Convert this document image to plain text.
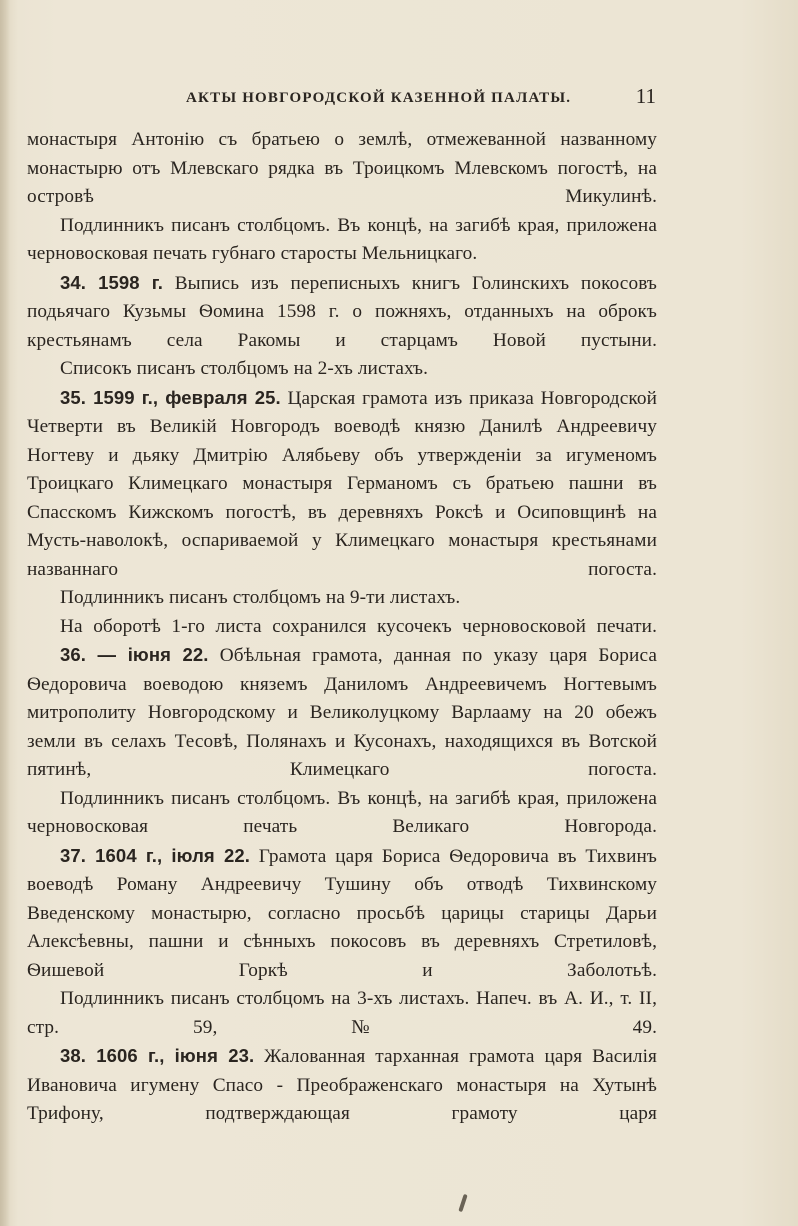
АКТЫ НОВГОРОДСКОЙ КАЗЕННОЙ ПАЛАТЫ.	11

монастыря Антонію съ братьею о землѣ, отмежеванной названному монастырю отъ Млевскаго рядка въ Троицкомъ Млевскомъ погостѣ, на островѣ Микулинѣ.

Подлинникъ писанъ столбцомъ. Въ концѣ, на загибѣ края, приложена черновосковая печать губнаго старосты Мельницкаго.

34. 1598 г. Выпись изъ переписныхъ книгъ Голинскихъ покосовъ подьячаго Кузьмы Ѳомина 1598 г. о пожняхъ, отданныхъ на оброкъ крестьянамъ села Ракомы и старцамъ Новой пустыни.

Списокъ писанъ столбцомъ на 2-хъ листахъ.

35. 1599 г., февраля 25. Царская грамота изъ приказа Новгородской Четверти въ Великій Новгородъ воеводѣ князю Данилѣ Андреевичу Ногтеву и дьяку Дмитрію Алябьеву объ утвержденіи за игуменомъ Троицкаго Климецкаго монастыря Германомъ съ братьею пашни въ Спасскомъ Кижскомъ погостѣ, въ деревняхъ Роксѣ и Осиповщинѣ на Мусть-наволокѣ, оспариваемой у Климецкаго монастыря крестьянами названнаго погоста.

Подлинникъ писанъ столбцомъ на 9-ти листахъ.

На оборотѣ 1-го листа сохранился кусочекъ черновосковой печати.

36. — іюня 22. Обѣльная грамота, данная по указу царя Бориса Ѳедоровича воеводою княземъ Даниломъ Андреевичемъ Ногтевымъ митрополиту Новгородскому и Великолуцкому Варлааму на 20 обежъ земли въ селахъ Тесовѣ, Полянахъ и Кусонахъ, находящихся въ Вотской пятинѣ, Климецкаго погоста.

Подлинникъ писанъ столбцомъ. Въ концѣ, на загибѣ края, приложена черновосковая печать Великаго Новгорода.

37. 1604 г., іюля 22. Грамота царя Бориса Ѳедоровича въ Тихвинъ воеводѣ Роману Андреевичу Тушину объ отводѣ Тихвинскому Введенскому монастырю, согласно просьбѣ царицы старицы Дарьи Алексѣевны, пашни и сѣнныхъ покосовъ въ деревняхъ Стретиловѣ, Ѳишевой Горкѣ и Заболотьѣ.

Подлинникъ писанъ столбцомъ на 3-хъ листахъ. Напеч. въ А. И., т. II, стр. 59, № 49.

38. 1606 г., іюня 23. Жалованная тарханная грамота царя Василія Ивановича игумену Спасо - Преображенскаго монастыря на Хутынѣ Трифону, подтверждающая грамоту царя
